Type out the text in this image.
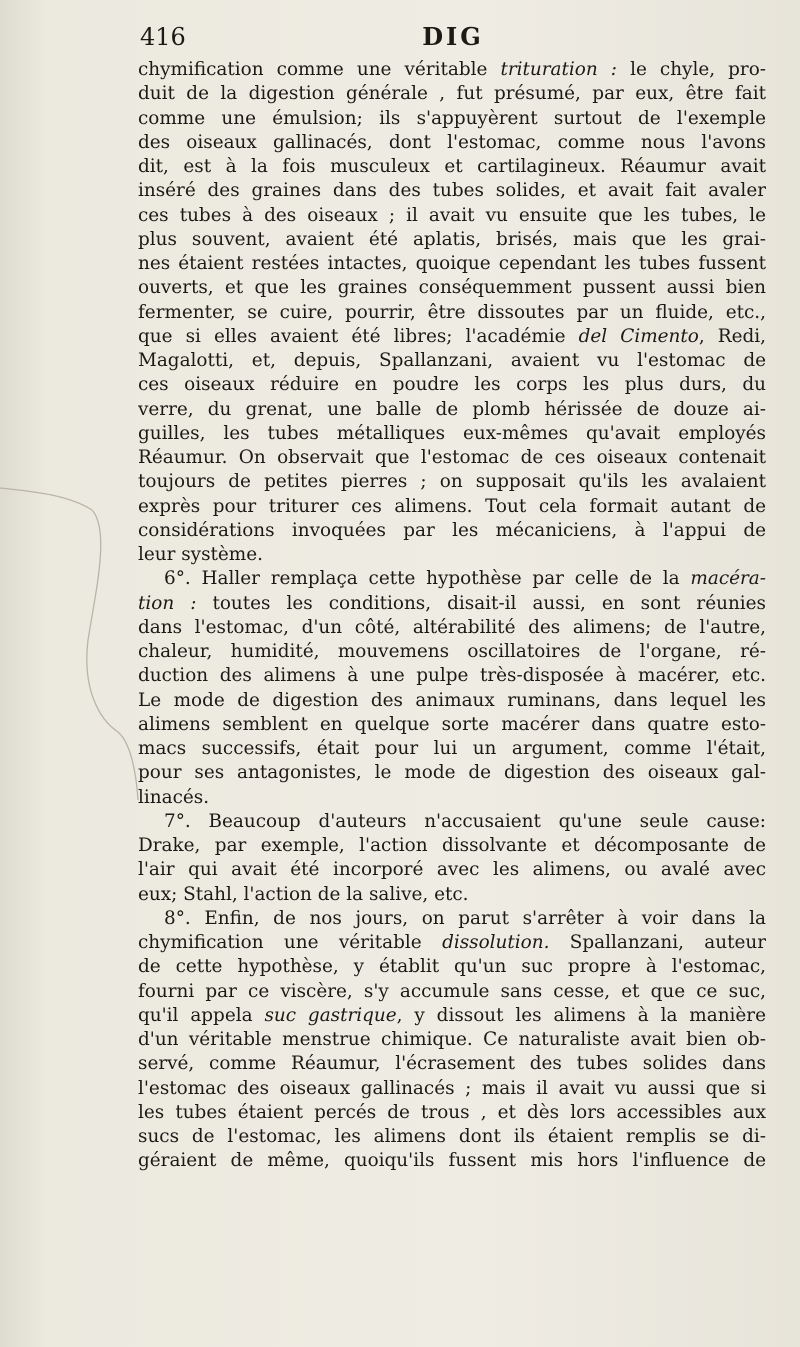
416	DIG
chymification comme une véritable trituration : le chyle, pro-
duit de la digestion générale , fut présumé, par eux, être fait
comme une émulsion; ils s'appuyèrent surtout de l'exemple
des oiseaux gallinacés, dont l'estomac, comme nous l'avons
dit, est à la fois musculeux et cartilagineux. Réaumur avait
inséré des graines dans des tubes solides, et avait fait avaler
ces tubes à des oiseaux ; il avait vu ensuite que les tubes, le
plus souvent, avaient été aplatis, brisés, mais que les grai-
nes étaient restées intactes, quoique cependant les tubes fussent
ouverts, et que les graines conséquemment pussent aussi bien
fermenter, se cuire, pourrir, être dissoutes par un fluide, etc.,
que si elles avaient été libres; l'académie del Cimento, Redi,
Magalotti, et, depuis, Spallanzani, avaient vu l'estomac de
ces oiseaux réduire en poudre les corps les plus durs, du
verre, du grenat, une balle de plomb hérissée de douze ai-
guilles, les tubes métalliques eux-mêmes qu'avait employés
Réaumur. On observait que l'estomac de ces oiseaux contenait
toujours de petites pierres ; on supposait qu'ils les avalaient
exprès pour triturer ces alimens. Tout cela formait autant de
considérations invoquées par les mécaniciens, à l'appui de
leur système.
6°. Haller remplaça cette hypothèse par celle de la macéra-
tion : toutes les conditions, disait-il aussi, en sont réunies
dans l'estomac, d'un côté, altérabilité des alimens; de l'autre,
chaleur, humidité, mouvemens oscillatoires de l'organe, ré-
duction des alimens à une pulpe très-disposée à macérer, etc.
Le mode de digestion des animaux ruminans, dans lequel les
alimens semblent en quelque sorte macérer dans quatre esto-
macs successifs, était pour lui un argument, comme l'était,
pour ses antagonistes, le mode de digestion des oiseaux gal-
linacés.
7°. Beaucoup d'auteurs n'accusaient qu'une seule cause:
Drake, par exemple, l'action dissolvante et décomposante de
l'air qui avait été incorporé avec les alimens, ou avalé avec
eux; Stahl, l'action de la salive, etc.
8°. Enfin, de nos jours, on parut s'arrêter à voir dans la
chymification une véritable dissolution. Spallanzani, auteur
de cette hypothèse, y établit qu'un suc propre à l'estomac,
fourni par ce viscère, s'y accumule sans cesse, et que ce suc,
qu'il appela suc gastrique, y dissout les alimens à la manière
d'un véritable menstrue chimique. Ce naturaliste avait bien ob-
servé, comme Réaumur, l'écrasement des tubes solides dans
l'estomac des oiseaux gallinacés ; mais il avait vu aussi que si
les tubes étaient percés de trous , et dès lors accessibles aux
sucs de l'estomac, les alimens dont ils étaient remplis se di-
géraient de même, quoiqu'ils fussent mis hors l'influence de
